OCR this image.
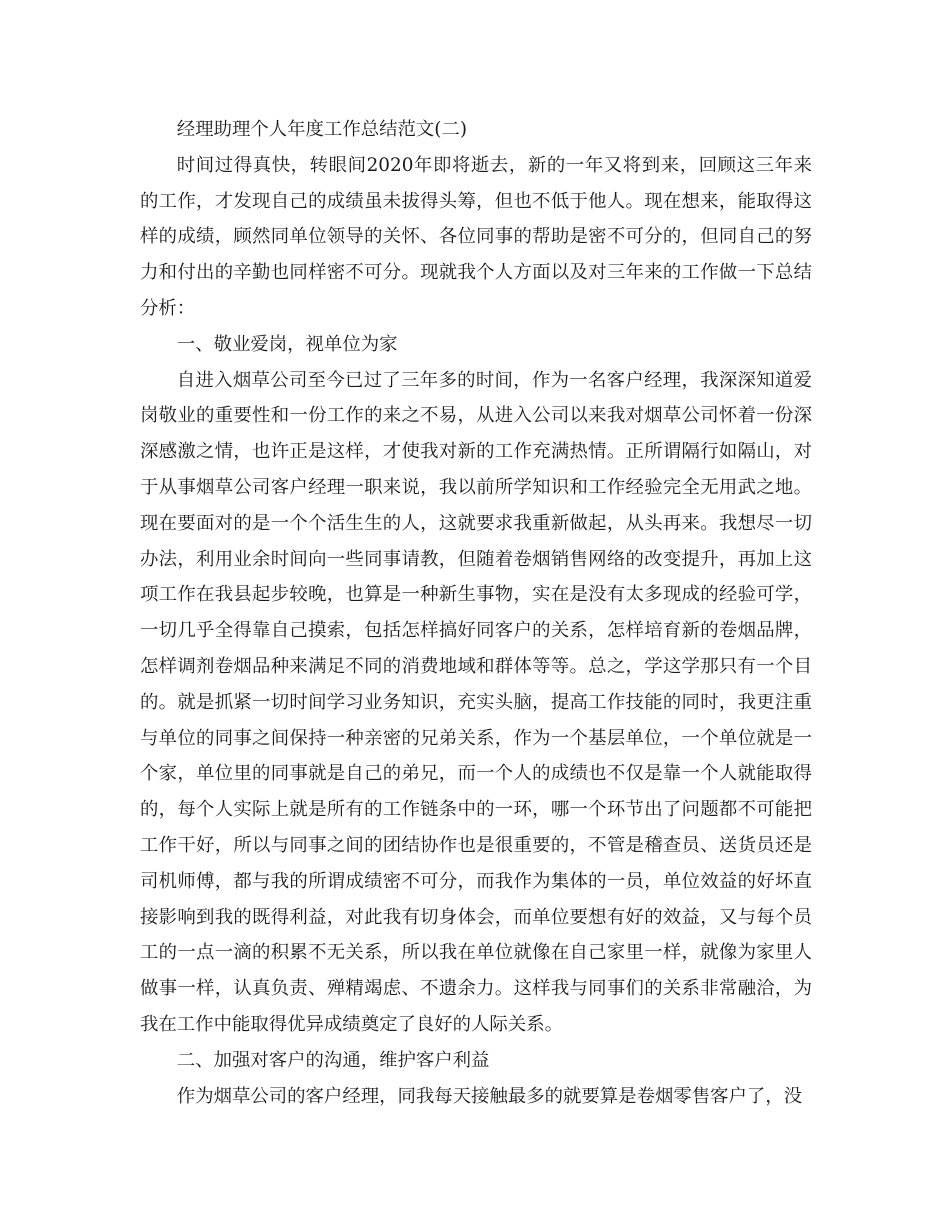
经理助理个人年度工作总结范文(二)

时间过得真快，转眼间2020年即将逝去，新的一年又将到来，回顾这三年来的工作，才发现自己的成绩虽未拔得头筹，但也不低于他人。现在想来，能取得这样的成绩，顾然同单位领导的关怀、各位同事的帮助是密不可分的，但同自己的努力和付出的辛勤也同样密不可分。现就我个人方面以及对三年来的工作做一下总结分析：

一、敬业爱岗，视单位为家

自进入烟草公司至今已过了三年多的时间，作为一名客户经理，我深深知道爱岗敬业的重要性和一份工作的来之不易，从进入公司以来我对烟草公司怀着一份深深感激之情，也许正是这样，才使我对新的工作充满热情。正所谓隔行如隔山，对于从事烟草公司客户经理一职来说，我以前所学知识和工作经验完全无用武之地。现在要面对的是一个个活生生的人，这就要求我重新做起，从头再来。我想尽一切办法，利用业余时间向一些同事请教，但随着卷烟销售网络的改变提升，再加上这项工作在我县起步较晚，也算是一种新生事物，实在是没有太多现成的经验可学，一切几乎全得靠自己摸索，包括怎样搞好同客户的关系，怎样培育新的卷烟品牌，怎样调剂卷烟品种来满足不同的消费地域和群体等等。总之，学这学那只有一个目的。就是抓紧一切时间学习业务知识，充实头脑，提高工作技能的同时，我更注重与单位的同事之间保持一种亲密的兄弟关系，作为一个基层单位，一个单位就是一个家，单位里的同事就是自己的弟兄，而一个人的成绩也不仅是靠一个人就能取得的，每个人实际上就是所有的工作链条中的一环，哪一个环节出了问题都不可能把工作干好，所以与同事之间的团结协作也是很重要的，不管是稽查员、送货员还是司机师傅，都与我的所谓成绩密不可分，而我作为集体的一员，单位效益的好坏直接影响到我的既得利益，对此我有切身体会，而单位要想有好的效益，又与每个员工的一点一滴的积累不无关系，所以我在单位就像在自己家里一样，就像为家里人做事一样，认真负责、殚精竭虑、不遗余力。这样我与同事们的关系非常融洽，为我在工作中能取得优异成绩奠定了良好的人际关系。

二、加强对客户的沟通，维护客户利益

作为烟草公司的客户经理，同我每天接触最多的就要算是卷烟零售客户了，没
